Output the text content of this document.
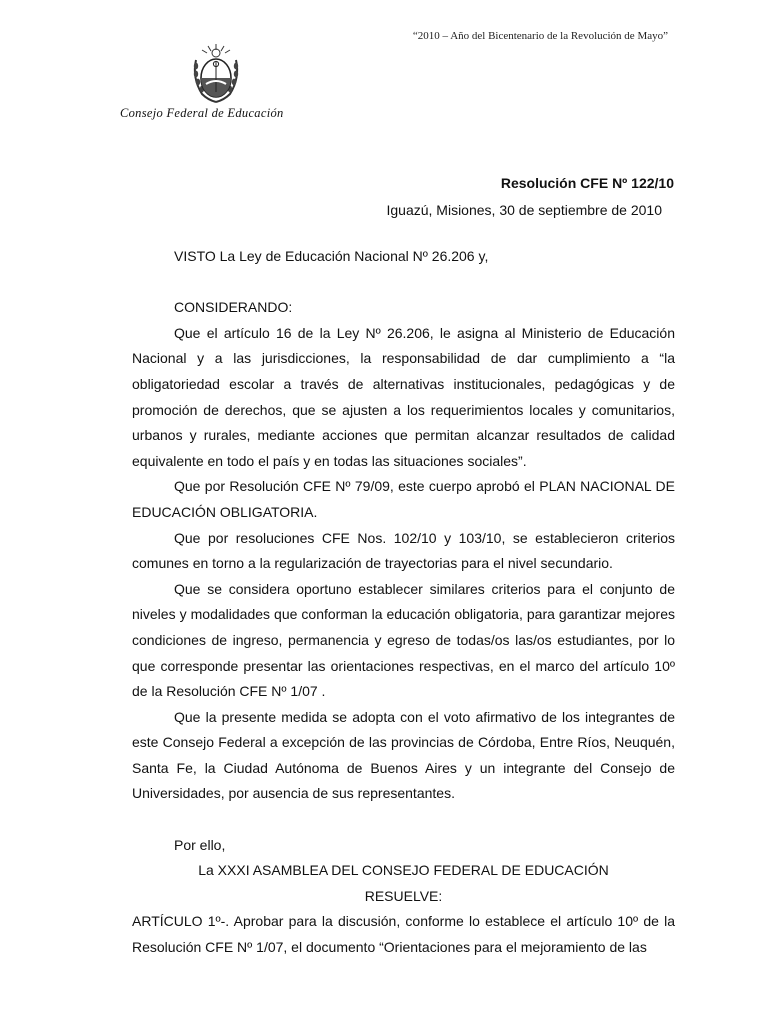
“2010 – Año del Bicentenario de la Revolución de Mayo”
Consejo Federal de Educación
Resolución CFE Nº 122/10
Iguazú, Misiones, 30 de septiembre de 2010

VISTO La Ley de Educación Nacional Nº 26.206 y,

CONSIDERANDO:

Que el artículo 16 de la Ley Nº 26.206, le asigna al Ministerio de Educación Nacional y a las jurisdicciones, la responsabilidad de dar cumplimiento a “la obligatoriedad escolar a través de alternativas institucionales, pedagógicas y de promoción de derechos, que se ajusten a los requerimientos locales y comunitarios, urbanos y rurales, mediante acciones que permitan alcanzar resultados de calidad equivalente en todo el país y en todas las situaciones sociales”.

Que por Resolución CFE Nº 79/09, este cuerpo aprobó el PLAN NACIONAL DE EDUCACIÓN OBLIGATORIA.

Que por resoluciones CFE Nos. 102/10 y 103/10, se establecieron criterios comunes en torno a la regularización de trayectorias para el nivel secundario.

Que se considera oportuno establecer similares criterios para el conjunto de niveles y modalidades que conforman la educación obligatoria, para garantizar mejores condiciones de ingreso, permanencia y egreso de todas/os las/os estudiantes, por lo que corresponde presentar las orientaciones respectivas, en el marco del artículo 10º de la Resolución CFE Nº 1/07 .

Que la presente medida se adopta con el voto afirmativo de los integrantes de este Consejo Federal a excepción de las provincias de Córdoba, Entre Ríos, Neuquén, Santa Fe, la Ciudad Autónoma de Buenos Aires y un integrante del Consejo de Universidades, por ausencia de sus representantes.

Por ello,

La XXXI ASAMBLEA DEL CONSEJO FEDERAL DE EDUCACIÓN

RESUELVE:

ARTÍCULO 1º-. Aprobar para la discusión, conforme lo establece el artículo 10º de la Resolución CFE Nº 1/07, el documento “Orientaciones para el mejoramiento de las
